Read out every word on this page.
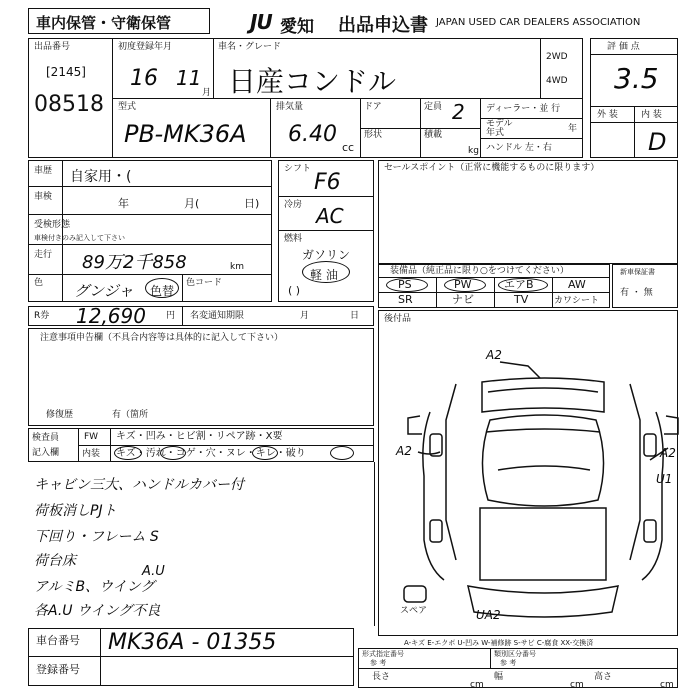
車内保管・守衛保管	JU 愛知 出品申込書 JAPAN USED CAR DEALERS ASSOCIATION
出品番号
[2145]
08518
初度登録年月
16 11
月
車名・グレード
日産コンドル
2WD
4WD
型式
PB-MK36A
排気量
6.40
cc
ドア	定員 2
形状	積載
kg
ディーラー・並 行
モデル
年式	年
ハンドル 左・右
評 価 点
3.5
外 装	内 装
D
車歴 自家用・(
車検	年	月(	日)
受検形態
車検付きのみ記入して下さい
走行 89万2千858	km
色 グンジャ 色替
色コード
シフト
F6
冷房 AC
燃料
ガソリン
軽 油
( )
セールスポイント（正常に機能するものに限ります）
装備品（純正品に限り○をつけてください）
PS	PW	エアB	AW
SR	ナビ	TV	カワシート
新車保証書
有 ・ 無
R券 12,690 円 名変通知期限	月	日	後付品
注意事項申告欄（不具合内容等は具体的に記入して下さい）
修復歴	有（箇所
検査員
記入欄
FW キズ・凹み・ヒビ割・リペア跡・X要
内装 キズ・汚れ・コゲ・穴・ヌレ・キレ・破り
キャビン三大、ハンドルカバー付
荷板消しPJト
下回り・フレーム S
荷台床
A.U
アルミB、ウイング
各A.U ウイング不良
A2
A2	A2
U1
UA2
スペア
A-キズ E-エクボ U-凹み W-補修跡 S-サビ C-腐食 XX-交換済
車台番号 MK36A - 01355
登録番号
形式指定番号
参 考
類別区分番号
参 考
長さ
cm
幅
cm
高さ
cm
